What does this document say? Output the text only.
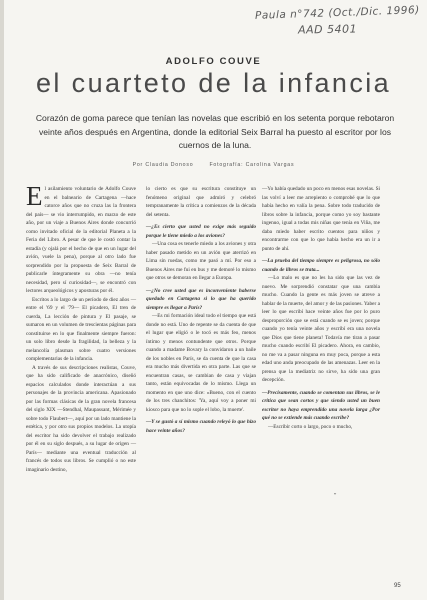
Paula n°742 (Oct./Dic. 1996)
AAD 5401
ADOLFO COUVE
el cuarteto de la infancia
Corazón de goma parece que tenían las novelas que escribió en los setenta porque rebotaron veinte años después en Argentina, donde la editorial Seix Barral ha puesto al escritor por los cuernos de la luna.
Por Claudia Donoso	Fotografía: Carolina Vargas
E l asilamiento voluntario de Adolfo Couve en el balneario de Cartagena —hace catorce años que no cruza las la frontera del país— se vio interrumpido, en marzo de este año, por un viaje a Buenos Aires donde concurrió como invitado oficial de la editorial Planeta a la Feria del Libro. A pesar de que le costó contar la estadía (y ojalá por el hecho de que en un lugar del avión, vuele la pena), porque al otro lado fue sorprendido por la propuesta de Seix Barral de publicarle íntegramente su obra —no tenía necesidad, pero sí curiosidad—, se encontró con lectores arqueológicos y aposturas por él.

Escritos a lo largo de un período de diez años —entre el '69 y el '79— El picadero, El tren de cuerda, La lección de pintura y El pasaje, se sumaron en un volumen de trescientas páginas para constituirse en lo que finalmente siempre fueron: un solo libro desde la fragilidad, la belleza y la melancolía plasman sobre cuatro versiones complementarias de la infancia.

A través de sus descripciones realistas, Couve, que ha sido calificado de anacrónico, diseñó espacios calculados donde interactúan a sus personajes de la provincia americana. Apasionado por las formas clásicas de la gran novela francesa del siglo XIX —Stendhal, Maupassant, Mérimée y sobre todo Flaubert—, aquí por un lado mantiene la estética, y por otro sus propios modelos. La utopía del escritor ha sido devolver el trabajo realizado por él en su siglo después, a su lugar de origen —París— mediante una eventual traducción al francés de todos sus libros. Se cumplió o no este imaginario destino,

lo cierto es que su escritura constituye un fenómeno original que admiró y celebró tempranamente la crítica a comienzos de la década del setenta.

—¿Es cierto que usted no exige más seguido porque le tiene miedo a los aviones?

—Una cosa es tenerle miedo a los aviones y otra haber pasado metido en un avión que aterrizó en Lima sin ruedas, como me pasó a mí. Por eso a Buenos Aires me fui en bus y me demoré lo mismo que otros se demoran en llegar a Europa.

—¿No cree usted que es inconveniente haberse quedado en Cartagena si lo que ha querido siempre es llegar a París?

—Es mi formación ideal todo el tiempo que está donde no está. Uno de repente se da cuenta de que el lugar que eligió o le tocó es más feo, menos íntimo y menos contundente que otros. Porque cuando a madame Bovary la convidaron a un baile de los nobles en París, se da cuenta de que la casa era mucho más divertida en otra parte. Las que se encuentran casas, se cambian de casa y viajan tanto, están equivocadas de lo mismo. Llega un momento en que uno dice: «Bueno, con el cuento de los tres chanchitos: 'Ya, aquí voy a poner mi kiosco para que no lo sople el lobo, la muerte'.

—Y se gustó a sí mismo cuando releyó lo que hizo hace veinte años?

—Yo había quedado un poco en menos esas novelas. Si las volví a leer me arrepiento o comprobé que lo que había hecho en valía la pena. Sobre todo traducido de libros sobre la infancia, porque como yo soy bastante ingenuo, igual a todas mis niñas que tenía en Viña, me daba miedo haber escrito cuentos para niños y encontrarme con que lo que había hecho era un ir a punto de ahí.

—La prueba del tiempo siempre es peligrosa, no sólo cuando de libros se trata...

—Lo malo es que no les ha sido que las vez de nuevo. Me sorprendió constatar que una cambia mucho. Cuando la gente es más joven se atreve a hablar de la muerte, del amor y de las pasiones. Yaber a leer lo que escribí hace veinte años fue por lo puro desproporción que se está cuando se es joven; porque cuando yo tenía veinte años y escribí era una novela que Dios que tiene planeta! Todavía me tiran a pasar mucho cuando escribí El picadero. Ahora, en cambio, no me va a pasar ninguna en muy poca, porque a esta edad uno anda preocupado de las amenazas. Leer en la prensa que la mediatriz no sirve, ha sido una gran decepción.

—Precisamente, cuando se comentan sus libros, se le critica que sean cortos y que siendo usted un buen escritor no haya emprendido una novela larga ¿Por qué no se extiende más cuando escribe?

—Escribir corto o largo, poco o mucho,

"
95
